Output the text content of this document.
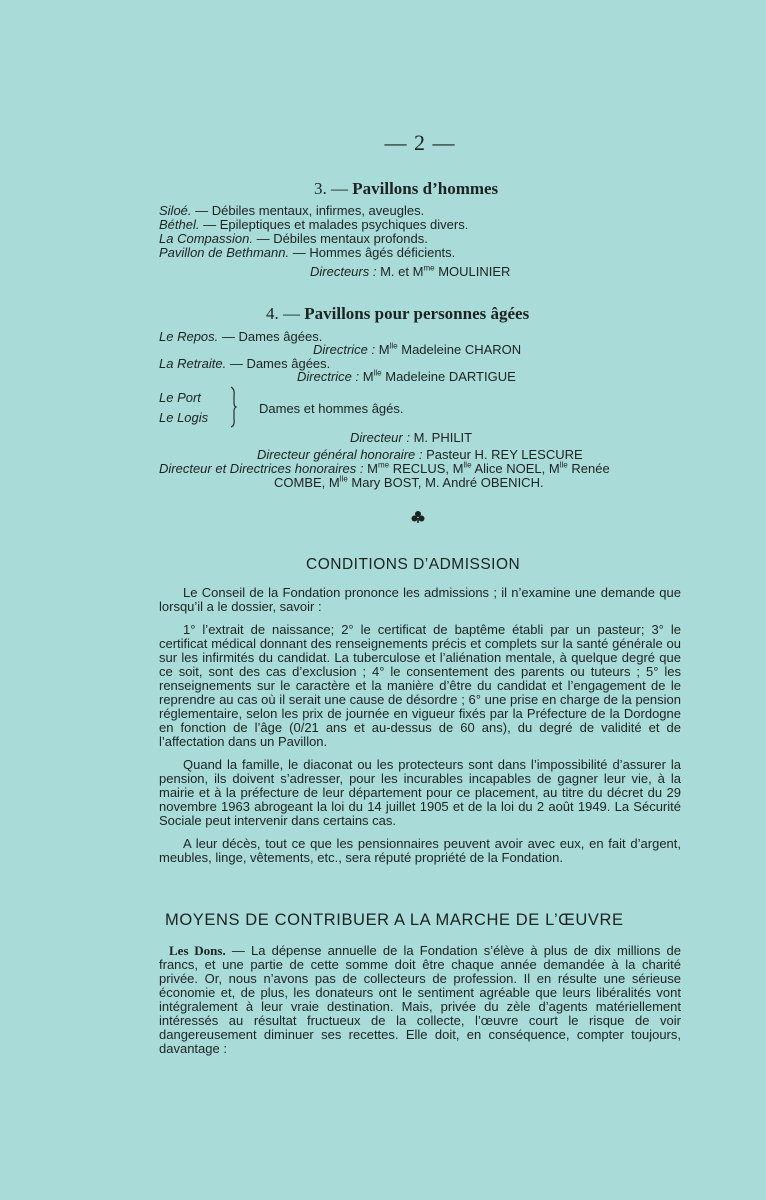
— 2 —
3. — Pavillons d’hommes
Siloé. — Débiles mentaux, infirmes, aveugles.
Béthel. — Epileptiques et malades psychiques divers.
La Compassion. — Débiles mentaux profonds.
Pavillon de Bethmann. — Hommes âgés déficients.
Directeurs : M. et $M^{me}$ MOULINIER
4. — Pavillons pour personnes âgées
Le Repos. — Dames âgées.
Directrice : $M^{lle}$ Madeleine CHARON
La Retraite. — Dames âgées.
Directrice : $M^{lle}$ Madeleine DARTIGUE
Le Port
Le Logis
Dames et hommes âgés.
Directeur : M. PHILIT
Directeur général honoraire : Pasteur H. REY LESCURE
Directeur et Directrices honoraires : $M^{me}$ RECLUS, $M^{lle}$ Alice NOEL, $M^{lle}$ Renée
COMBE, $M^{lle}$ Mary BOST, M. André OBENICH.
CONDITIONS D’ADMISSION

Le Conseil de la Fondation prononce les admissions ; il n’examine une demande que lorsqu’il a le dossier, savoir :

1° l’extrait de naissance; 2° le certificat de baptême établi par un pasteur; 3° le certificat médical donnant des renseignements précis et complets sur la santé générale ou sur les infirmités du candidat. La tuberculose et l’aliénation mentale, à quelque degré que ce soit, sont des cas d’exclusion ; 4° le consentement des parents ou tuteurs ; 5° les renseignements sur le caractère et la manière d’être du candidat et l’engagement de le reprendre au cas où il serait une cause de désordre ; 6° une prise en charge de la pension réglementaire, selon les prix de journée en vigueur fixés par la Préfecture de la Dordogne en fonction de l’âge (0/21 ans et au-dessus de 60 ans), du degré de validité et de l’affectation dans un Pavillon.

Quand la famille, le diaconat ou les protecteurs sont dans l’impossibilité d’assurer la pension, ils doivent s’adresser, pour les incurables incapables de gagner leur vie, à la mairie et à la préfecture de leur département pour ce placement, au titre du décret du 29 novembre 1963 abrogeant la loi du 14 juillet 1905 et de la loi du 2 août 1949. La Sécurité Sociale peut intervenir dans certains cas.

A leur décès, tout ce que les pensionnaires peuvent avoir avec eux, en fait d’argent, meubles, linge, vêtements, etc., sera réputé propriété de la Fondation.

MOYENS DE CONTRIBUER A LA MARCHE DE L’ŒUVRE

Les Dons. — La dépense annuelle de la Fondation s’élève à plus de dix millions de francs, et une partie de cette somme doit être chaque année demandée à la charité privée. Or, nous n’avons pas de collecteurs de profession. Il en résulte une sérieuse économie et, de plus, les donateurs ont le sentiment agréable que leurs libéralités vont intégralement à leur vraie destination. Mais, privée du zèle d’agents matériellement intéressés au résultat fructueux de la collecte, l’œuvre court le risque de voir dangereusement diminuer ses recettes. Elle doit, en conséquence, compter toujours, davantage :
